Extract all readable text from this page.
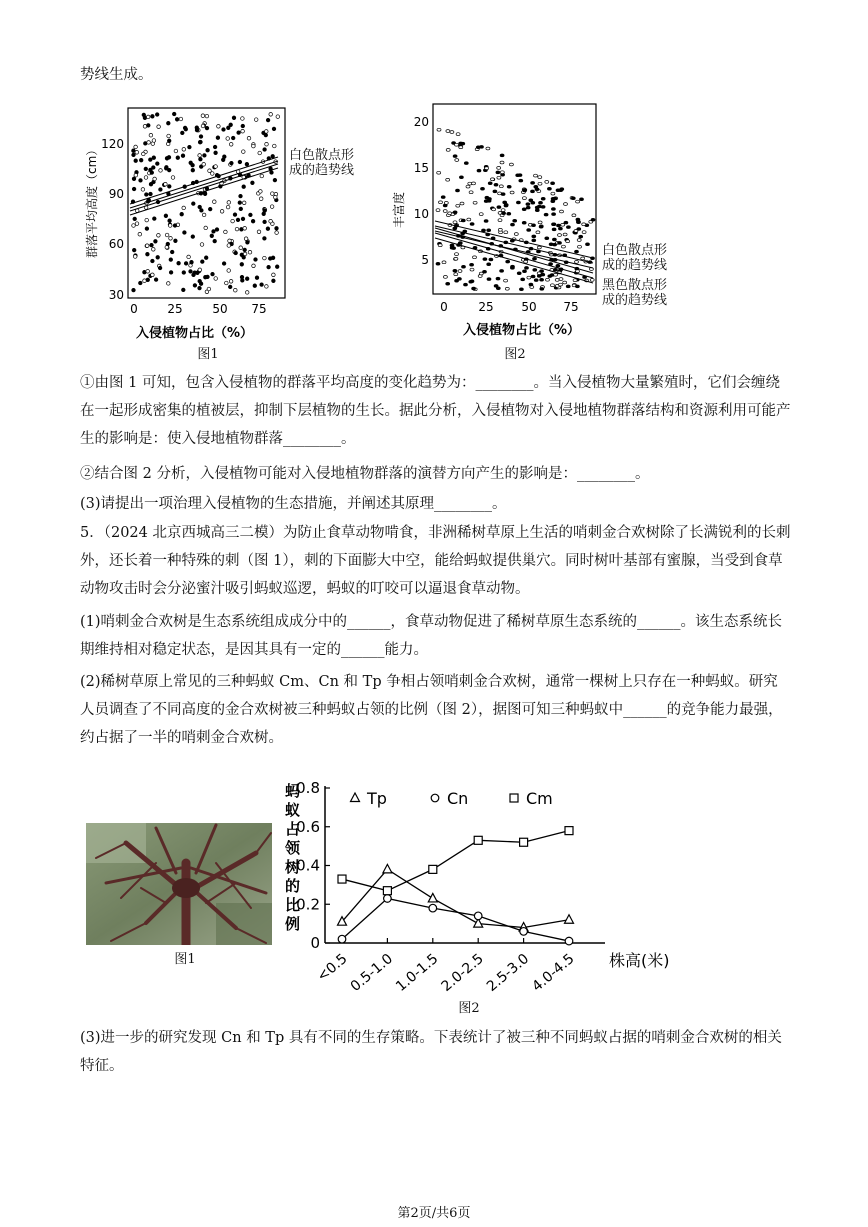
势线生成。
30
60
90
120
0 25 50 75
群落平均高度（cm）
入侵植物占比（%）
白色散点形成的趋势线
图1
5
10
15
20
0	25 50 75
丰富度
入侵植物占比（%）
白色散点形成的趋势线
黑色散点形成的趋势线
图2
①由图 1 可知，包含入侵植物的群落平均高度的变化趋势为：________。当入侵植物大量繁殖时，它们会缠绕在一起形成密集的植被层，抑制下层植物的生长。据此分析，入侵植物对入侵地植物群落结构和资源利用可能产生的影响是：使入侵地植物群落________。
②结合图 2 分析，入侵植物可能对入侵地植物群落的演替方向产生的影响是：________。
(3)请提出一项治理入侵植物的生态措施，并阐述其原理________。
5．（2024 北京西城高三二模）为防止食草动物啃食，非洲稀树草原上生活的哨刺金合欢树除了长满锐利的长刺外，还长着一种特殊的刺（图 1），刺的下面膨大中空，能给蚂蚁提供巢穴。同时树叶基部有蜜腺，当受到食草动物攻击时会分泌蜜汁吸引蚂蚁巡逻，蚂蚁的叮咬可以逼退食草动物。
(1)哨刺金合欢树是生态系统组成成分中的______，食草动物促进了稀树草原生态系统的______。该生态系统长期维持相对稳定状态，是因其具有一定的______能力。
(2)稀树草原上常见的三种蚂蚁 Cm、Cn 和 Tp 争相占领哨刺金合欢树，通常一棵树上只存在一种蚂蚁。研究人员调查了不同高度的金合欢树被三种蚂蚁占领的比例（图 2），据图可知三种蚂蚁中______的竞争能力最强，约占据了一半的哨刺金合欢树。
图1
0
0.2
0.4
0.6
0.8
<0.5
0.5-1.0
1.0-1.5
2.0-2.5
2.5-3.0
4.0-4.5
蚂蚁占领树的比例
株高(米)
Tp	Cn	Cm
图2
(3)进一步的研究发现 Cn 和 Tp 具有不同的生存策略。下表统计了被三种不同蚂蚁占据的哨刺金合欢树的相关特征。
第2页/共6页
